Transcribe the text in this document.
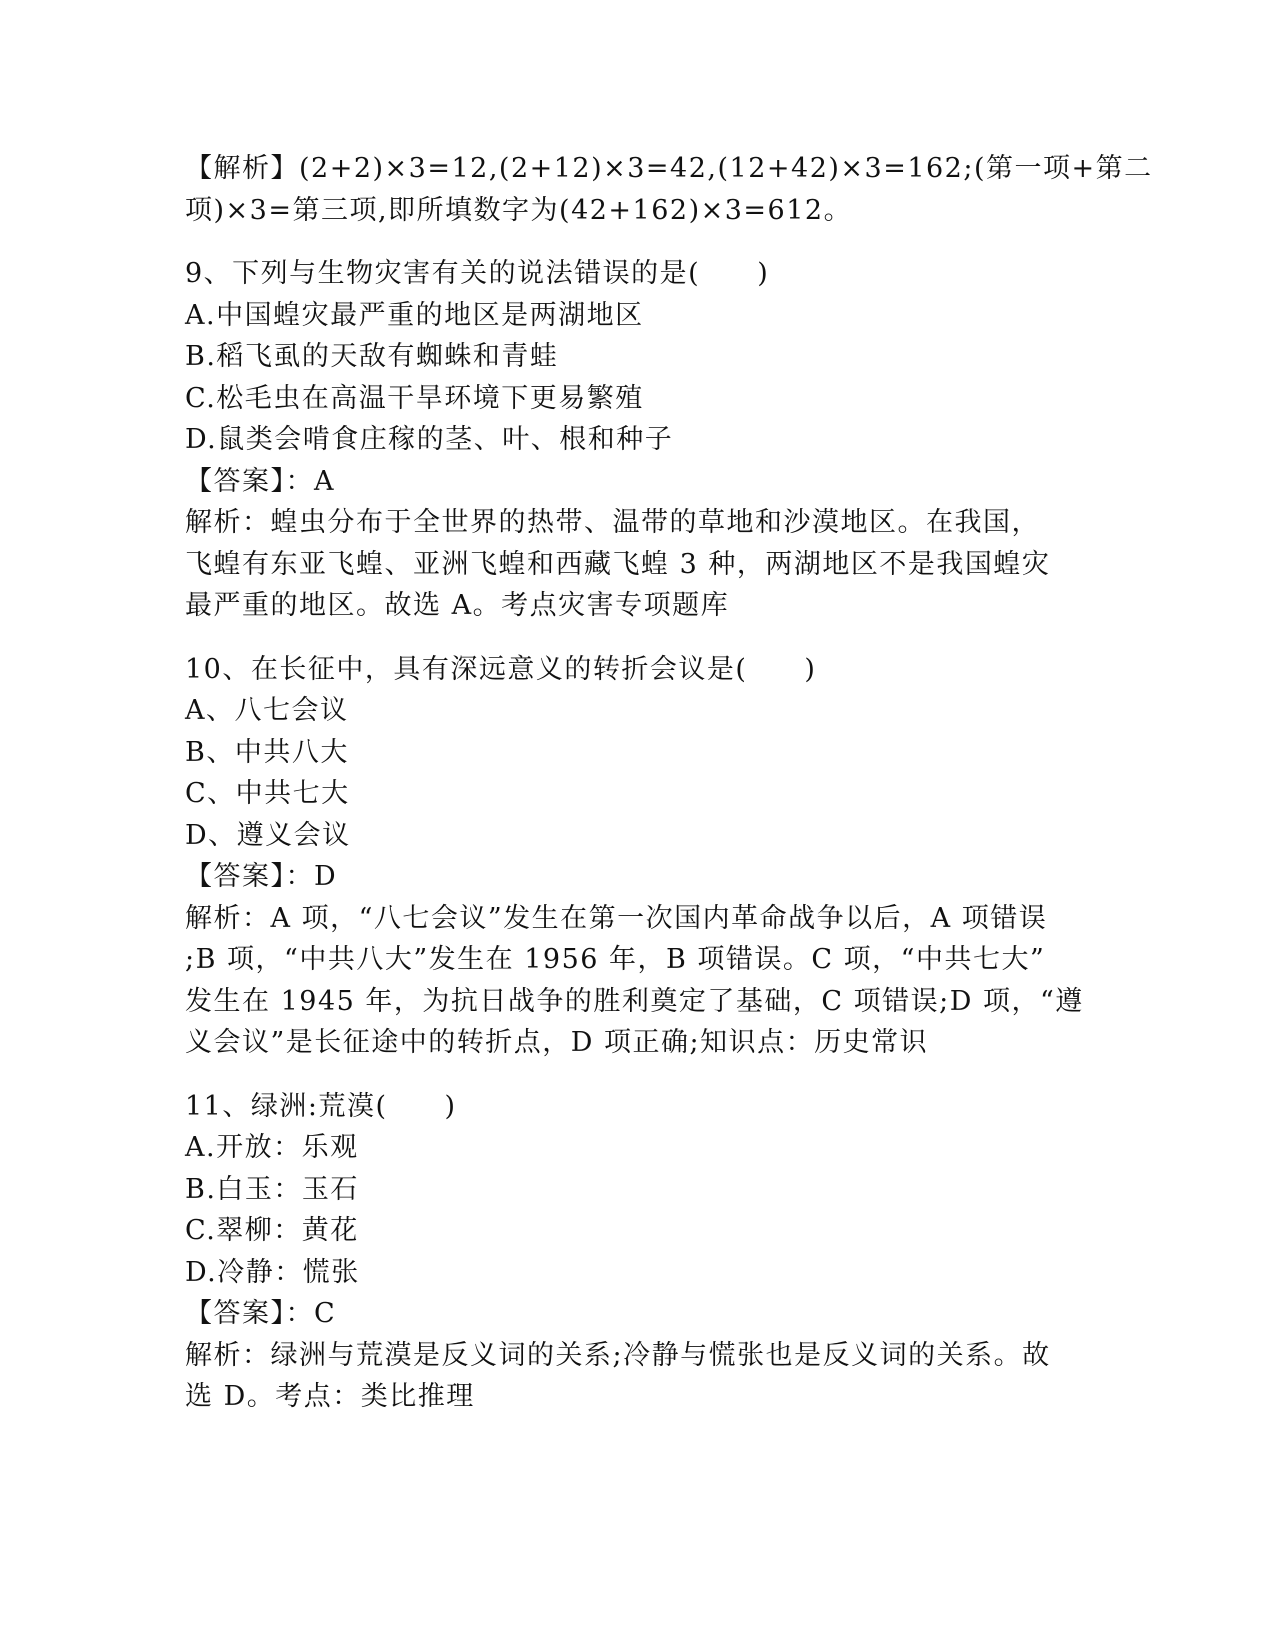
【解析】(2+2)×3=12,(2+12)×3=42,(12+42)×3=162;(第一项+第二
项)×3=第三项,即所填数字为(42+162)×3=612。
9、下列与生物灾害有关的说法错误的是(　　)
A.中国蝗灾最严重的地区是两湖地区
B.稻飞虱的天敌有蜘蛛和青蛙
C.松毛虫在高温干旱环境下更易繁殖
D.鼠类会啃食庄稼的茎、叶、根和种子
【答案】：A
解析：蝗虫分布于全世界的热带、温带的草地和沙漠地区。在我国，
飞蝗有东亚飞蝗、亚洲飞蝗和西藏飞蝗 3 种，两湖地区不是我国蝗灾
最严重的地区。故选 A。考点灾害专项题库
10、在长征中，具有深远意义的转折会议是(　　)
A、八七会议
B、中共八大
C、中共七大
D、遵义会议
【答案】：D
解析：A 项，“八七会议”发生在第一次国内革命战争以后，A 项错误
;B 项，“中共八大”发生在 1956 年，B 项错误。C 项，“中共七大”
发生在 1945 年，为抗日战争的胜利奠定了基础，C 项错误;D 项，“遵
义会议”是长征途中的转折点，D 项正确;知识点：历史常识
11、绿洲:荒漠(　　)
A.开放：乐观
B.白玉：玉石
C.翠柳：黄花
D.冷静：慌张
【答案】：C
解析：绿洲与荒漠是反义词的关系;冷静与慌张也是反义词的关系。故
选 D。考点：类比推理
